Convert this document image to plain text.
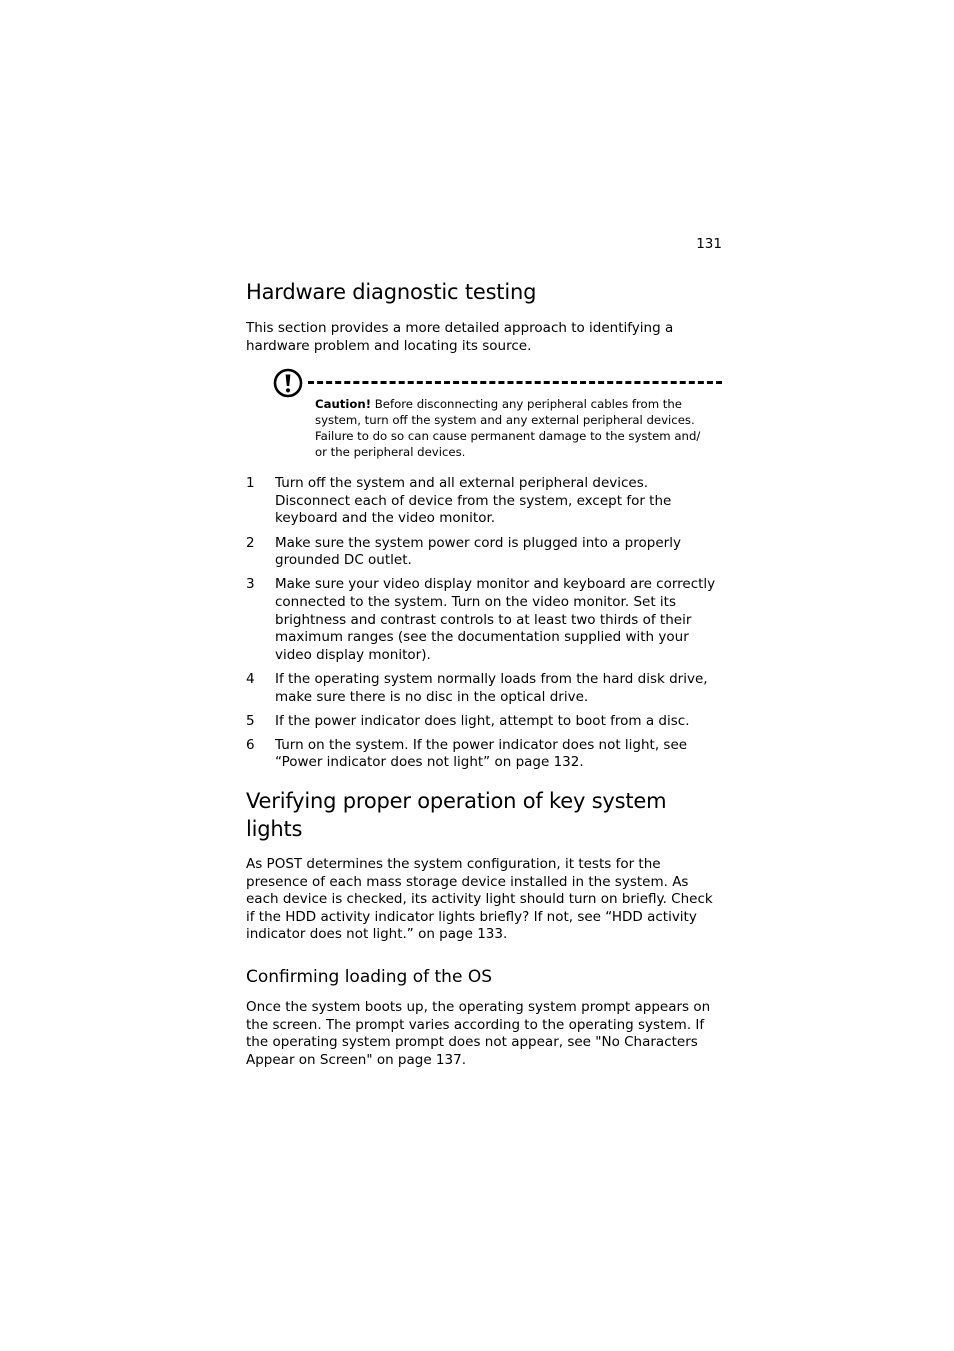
131
Hardware diagnostic testing

This section provides a more detailed approach to identifying a hardware problem and locating its source.

Caution! Before disconnecting any peripheral cables from the system, turn off the system and any external peripheral devices. Failure to do so can cause permanent damage to the system and/ or the peripheral devices.
1 Turn off the system and all external peripheral devices. Disconnect each of device from the system, except for the keyboard and the video monitor.
2 Make sure the system power cord is plugged into a properly grounded DC outlet.
3 Make sure your video display monitor and keyboard are correctly connected to the system. Turn on the video monitor. Set its brightness and contrast controls to at least two thirds of their maximum ranges (see the documentation supplied with your video display monitor).
4 If the operating system normally loads from the hard disk drive, make sure there is no disc in the optical drive.
5 If the power indicator does light, attempt to boot from a disc.
6 Turn on the system. If the power indicator does not light, see “Power indicator does not light” on page 132.
Verifying proper operation of key system lights

As POST determines the system configuration, it tests for the presence of each mass storage device installed in the system. As each device is checked, its activity light should turn on briefly. Check if the HDD activity indicator lights briefly? If not, see “HDD activity indicator does not light.” on page 133.

Confirming loading of the OS

Once the system boots up, the operating system prompt appears on the screen. The prompt varies according to the operating system. If the operating system prompt does not appear, see "No Characters Appear on Screen" on page 137.
